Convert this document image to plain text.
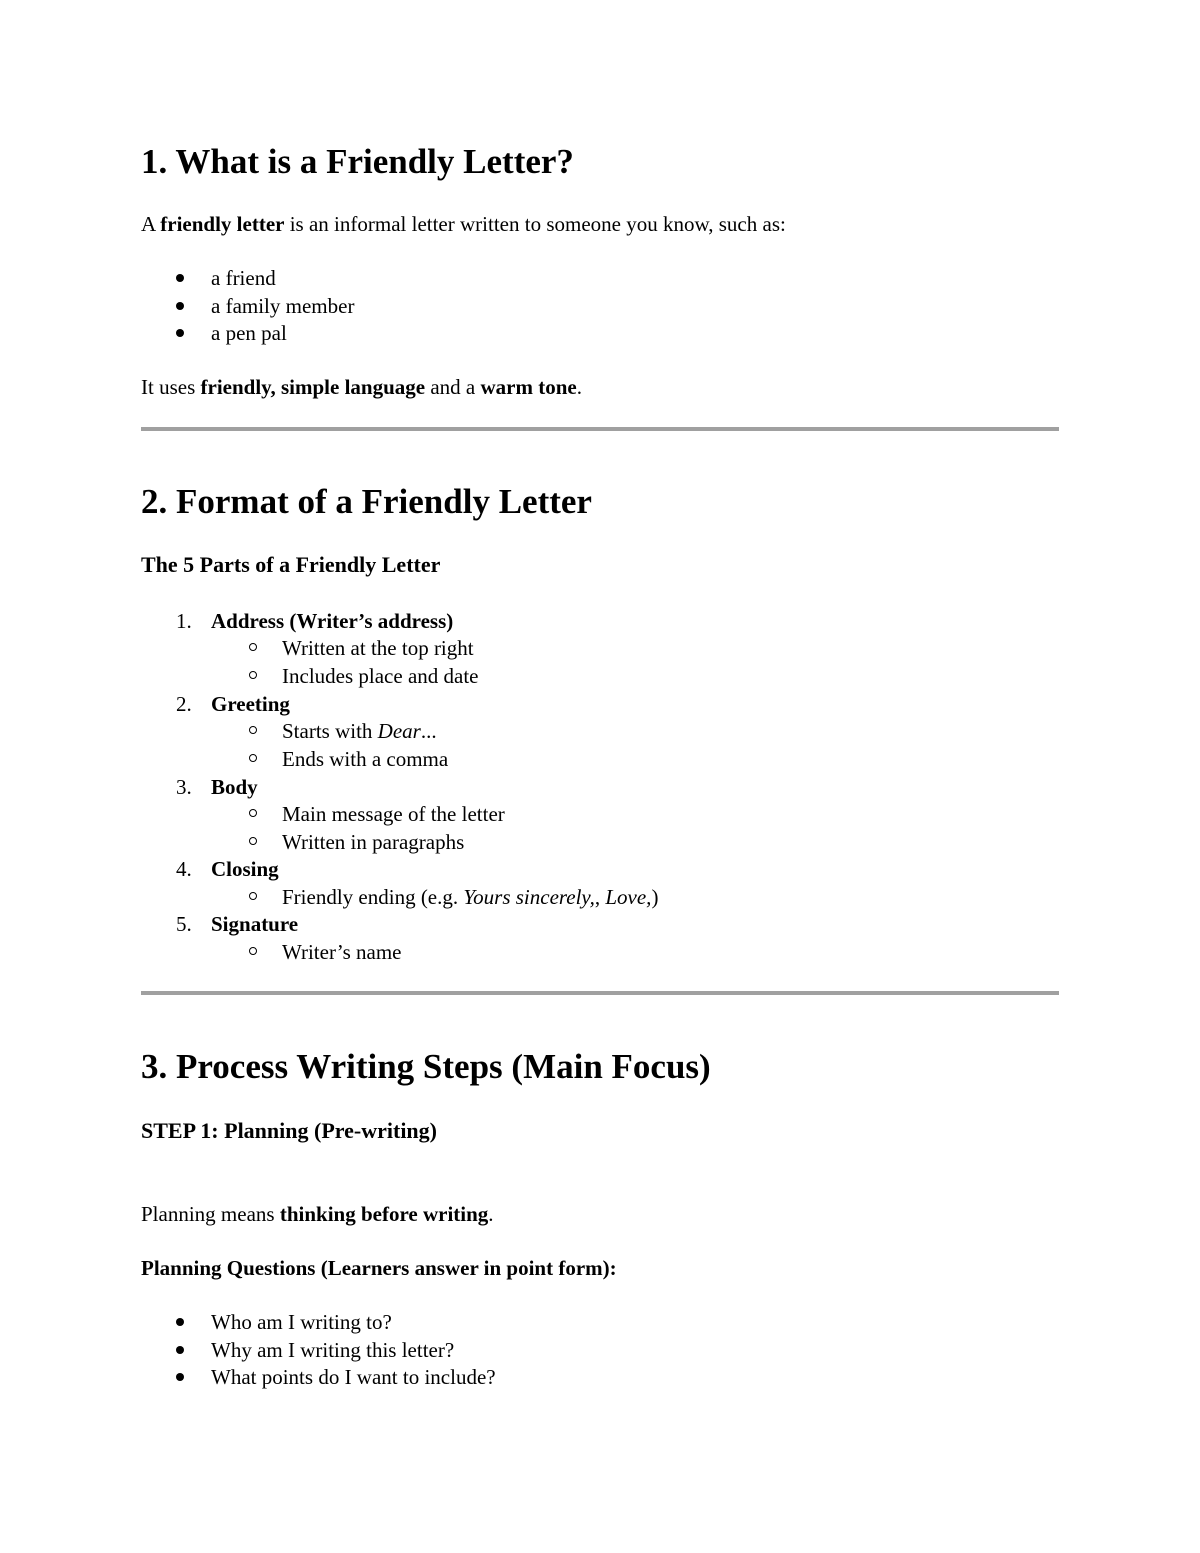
1. What is a Friendly Letter?
A friendly letter is an informal letter written to someone you know, such as:
a friend
a family member
a pen pal
It uses friendly, simple language and a warm tone.
2. Format of a Friendly Letter
The 5 Parts of a Friendly Letter
1. Address (Writer’s address)
Written at the top right
Includes place and date
2. Greeting
Starts with Dear...
Ends with a comma
3. Body
Main message of the letter
Written in paragraphs
4. Closing
Friendly ending (e.g. Yours sincerely,, Love,)
5. Signature
Writer’s name
3. Process Writing Steps (Main Focus)
STEP 1: Planning (Pre-writing)
Planning means thinking before writing.
Planning Questions (Learners answer in point form):
Who am I writing to?
Why am I writing this letter?
What points do I want to include?
